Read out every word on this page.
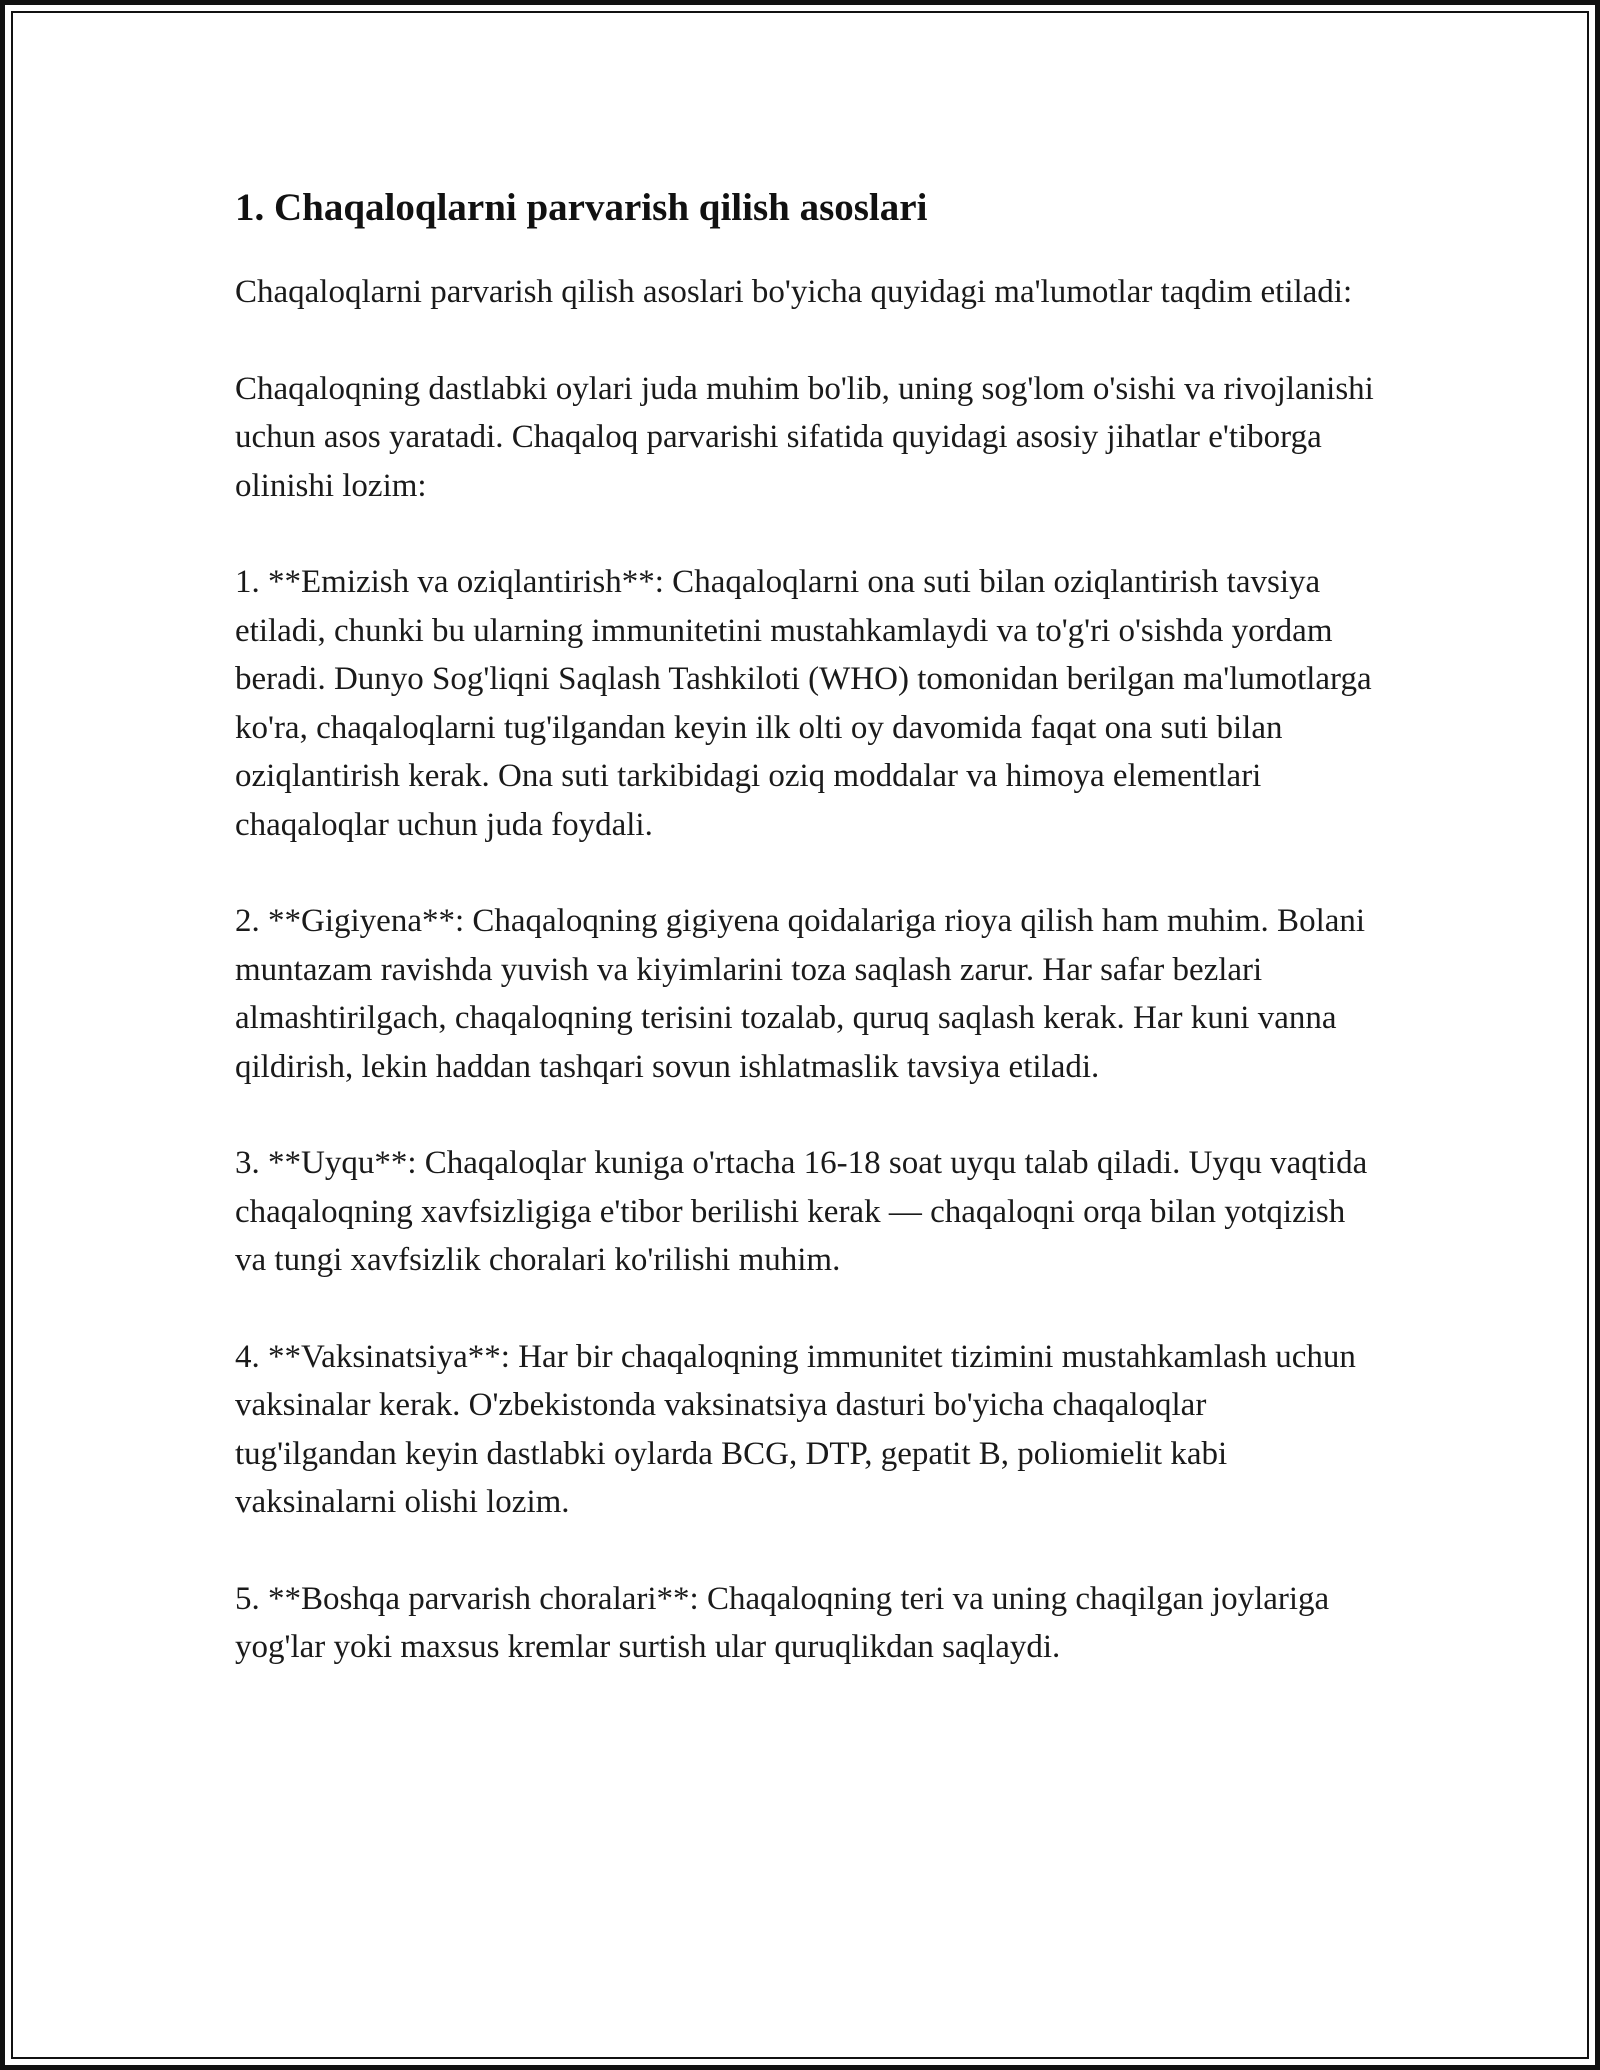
1. Chaqaloqlarni parvarish qilish asoslari

Chaqaloqlarni parvarish qilish asoslari bo'yicha quyidagi ma'lumotlar taqdim etiladi:

Chaqaloqning dastlabki oylari juda muhim bo'lib, uning sog'lom o'sishi va rivojlanishi uchun asos yaratadi. Chaqaloq parvarishi sifatida quyidagi asosiy jihatlar e'tiborga olinishi lozim:

1. **Emizish va oziqlantirish**: Chaqaloqlarni ona suti bilan oziqlantirish tavsiya etiladi, chunki bu ularning immunitetini mustahkamlaydi va to'g'ri o'sishda yordam beradi. Dunyo Sog'liqni Saqlash Tashkiloti (WHO) tomonidan berilgan ma'lumotlarga ko'ra, chaqaloqlarni tug'ilgandan keyin ilk olti oy davomida faqat ona suti bilan oziqlantirish kerak. Ona suti tarkibidagi oziq moddalar va himoya elementlari chaqaloqlar uchun juda foydali.

2. **Gigiyena**: Chaqaloqning gigiyena qoidalariga rioya qilish ham muhim. Bolani muntazam ravishda yuvish va kiyimlarini toza saqlash zarur. Har safar bezlari almashtirilgach, chaqaloqning terisini tozalab, quruq saqlash kerak. Har kuni vanna qildirish, lekin haddan tashqari sovun ishlatmaslik tavsiya etiladi.

3. **Uyqu**: Chaqaloqlar kuniga o'rtacha 16-18 soat uyqu talab qiladi. Uyqu vaqtida chaqaloqning xavfsizligiga e'tibor berilishi kerak — chaqaloqni orqa bilan yotqizish va tungi xavfsizlik choralari ko'rilishi muhim.

4. **Vaksinatsiya**: Har bir chaqaloqning immunitet tizimini mustahkamlash uchun vaksinalar kerak. O'zbekistonda vaksinatsiya dasturi bo'yicha chaqaloqlar tug'ilgandan keyin dastlabki oylarda BCG, DTP, gepatit B, poliomielit kabi vaksinalarni olishi lozim.

5. **Boshqa parvarish choralari**: Chaqaloqning teri va uning chaqilgan joylariga yog'lar yoki maxsus kremlar surtish ular quruqlikdan saqlaydi.
